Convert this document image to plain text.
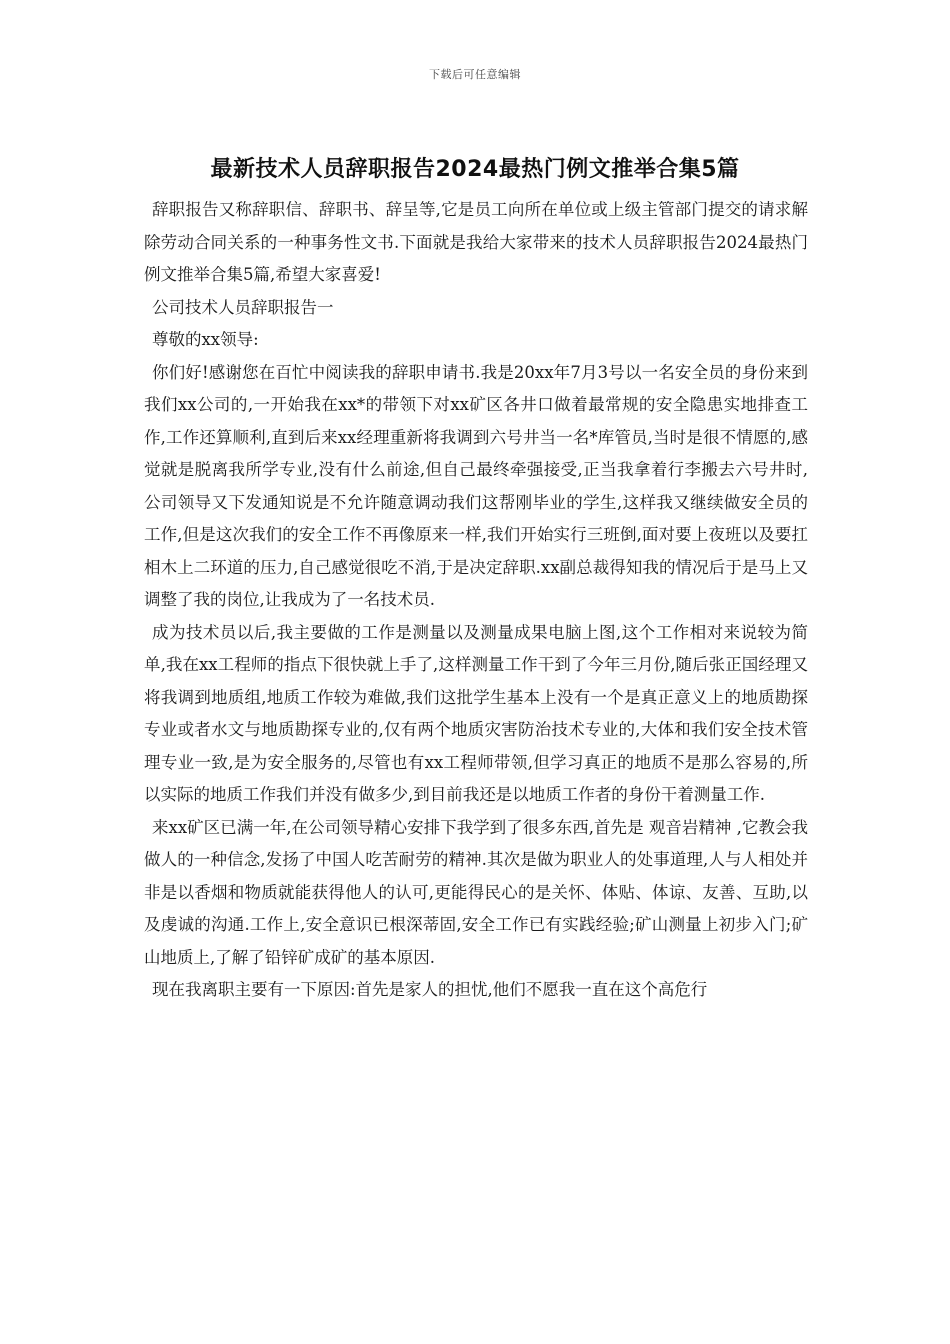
下载后可任意编辑
最新技术人员辞职报告2024最热门例文推举合集5篇

辞职报告又称辞职信、辞职书、辞呈等,它是员工向所在单位或上级主管部门提交的请求解除劳动合同关系的一种事务性文书.下面就是我给大家带来的技术人员辞职报告2024最热门例文推举合集5篇,希望大家喜爱!

公司技术人员辞职报告一

尊敬的xx领导:

你们好!感谢您在百忙中阅读我的辞职申请书.我是20xx年7月3号以一名安全员的身份来到我们xx公司的,一开始我在xx*的带领下对xx矿区各井口做着最常规的安全隐患实地排查工作,工作还算顺利,直到后来xx经理重新将我调到六号井当一名*库管员,当时是很不情愿的,感觉就是脱离我所学专业,没有什么前途,但自己最终牵强接受,正当我拿着行李搬去六号井时,公司领导又下发通知说是不允许随意调动我们这帮刚毕业的学生,这样我又继续做安全员的工作,但是这次我们的安全工作不再像原来一样,我们开始实行三班倒,面对要上夜班以及要扛相木上二环道的压力,自己感觉很吃不消,于是决定辞职.xx副总裁得知我的情况后于是马上又调整了我的岗位,让我成为了一名技术员.

成为技术员以后,我主要做的工作是测量以及测量成果电脑上图,这个工作相对来说较为简单,我在xx工程师的指点下很快就上手了,这样测量工作干到了今年三月份,随后张正国经理又将我调到地质组,地质工作较为难做,我们这批学生基本上没有一个是真正意义上的地质勘探专业或者水文与地质勘探专业的,仅有两个地质灾害防治技术专业的,大体和我们安全技术管理专业一致,是为安全服务的,尽管也有xx工程师带领,但学习真正的地质不是那么容易的,所以实际的地质工作我们并没有做多少,到目前我还是以地质工作者的身份干着测量工作.

来xx矿区已满一年,在公司领导精心安排下我学到了很多东西,首先是 观音岩精神 ,它教会我做人的一种信念,发扬了中国人吃苦耐劳的精神.其次是做为职业人的处事道理,人与人相处并非是以香烟和物质就能获得他人的认可,更能得民心的是关怀、体贴、体谅、友善、互助,以及虔诚的沟通.工作上,安全意识已根深蒂固,安全工作已有实践经验;矿山测量上初步入门;矿山地质上,了解了铅锌矿成矿的基本原因.

现在我离职主要有一下原因:首先是家人的担忧,他们不愿我一直在这个高危行
